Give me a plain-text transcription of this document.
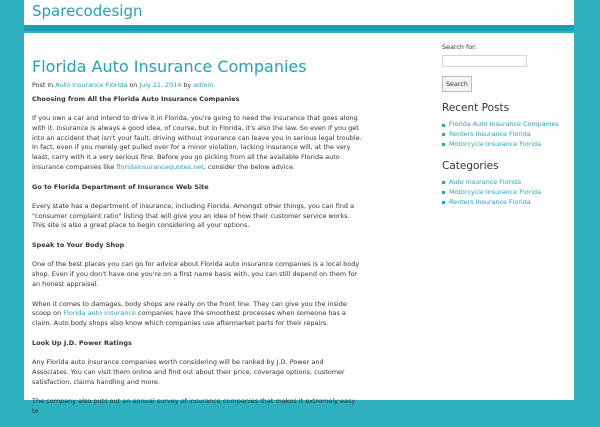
Sparecodesign
Florida Auto Insurance Companies
Post in Auto Insurance Florida on July 21, 2014 by admin.
Choosing from All the Florida Auto Insurance Companies

If you own a car and intend to drive it in Florida, you're going to need the insurance that goes along with it. Insurance is always a good idea, of course, but in Florida, it's also the law. So even if you get into an accident that isn't your fault, driving without insurance can leave you in serious legal trouble. In fact, even if you merely get pulled over for a minor violation, lacking insurance will, at the very least, carry with it a very serious fine. Before you go picking from all the available Florida auto insurance companies like floridainsurancequotes.net, consider the below advice.

Go to Florida Department of Insurance Web Site

Every state has a department of insurance, including Florida. Amongst other things, you can find a "consumer complaint ratio" listing that will give you an idea of how their customer service works. This site is also a great place to begin considering all your options.

Speak to Your Body Shop

One of the best places you can go for advice about Florida auto insurance companies is a local body shop. Even if you don't have one you're on a first name basis with, you can still depend on them for an honest appraisal.

When it comes to damages, body shops are really on the front line. They can give you the inside scoop on Florida auto insurance companies have the smoothest processes when someone has a claim. Auto body shops also know which companies use aftermarket parts for their repairs.

Look Up J.D. Power Ratings

Any Florida auto insurance companies worth considering will be ranked by J.D. Power and Associates. You can visit them online and find out about their price, coverage options, customer satisfaction, claims handling and more.

The company also puts out an annual survey of insurance companies that makes it extremely easy to

Search for:
Search
Recent Posts
Florida Auto Insurance Companies
Renters Insurance Florida
Motorcycle Insurance Florida
Categories
Auto Insurance Florida
Motorcycle Insurance Florida
Renters Insurance Florida
